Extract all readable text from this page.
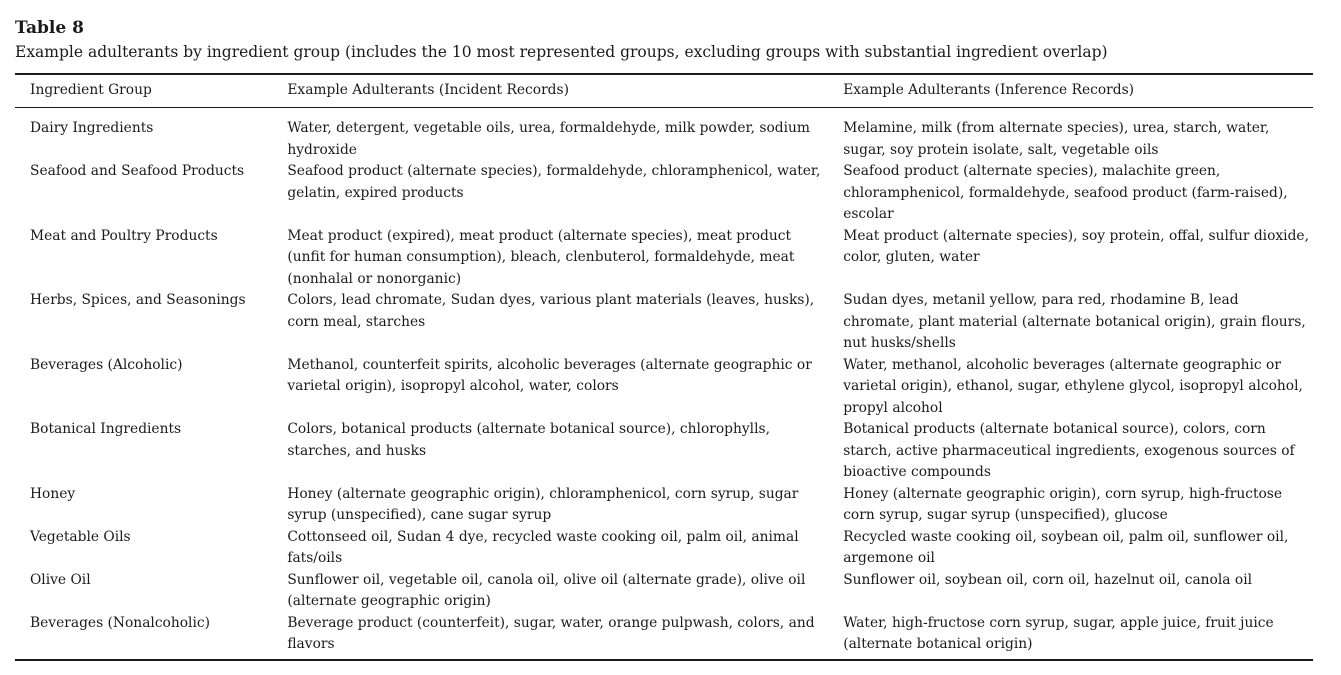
Table 8
Example adulterants by ingredient group (includes the 10 most represented groups, excluding groups with substantial ingredient overlap)
Ingredient Group	Example Adulterants (Incident Records)	Example Adulterants (Inference Records)
Dairy Ingredients	Water, detergent, vegetable oils, urea, formaldehyde, milk powder, sodium hydroxide	Melamine, milk (from alternate species), urea, starch, water, sugar, soy protein isolate, salt, vegetable oils
Seafood and Seafood Products	Seafood product (alternate species), formaldehyde, chloramphenicol, water, gelatin, expired products	Seafood product (alternate species), malachite green, chloramphenicol, formaldehyde, seafood product (farm-raised), escolar
Meat and Poultry Products	Meat product (expired), meat product (alternate species), meat product (unfit for human consumption), bleach, clenbuterol, formaldehyde, meat (nonhalal or nonorganic)	Meat product (alternate species), soy protein, offal, sulfur dioxide, color, gluten, water
Herbs, Spices, and Seasonings	Colors, lead chromate, Sudan dyes, various plant materials (leaves, husks), corn meal, starches	Sudan dyes, metanil yellow, para red, rhodamine B, lead chromate, plant material (alternate botanical origin), grain flours, nut husks/shells
Beverages (Alcoholic)	Methanol, counterfeit spirits, alcoholic beverages (alternate geographic or varietal origin), isopropyl alcohol, water, colors	Water, methanol, alcoholic beverages (alternate geographic or varietal origin), ethanol, sugar, ethylene glycol, isopropyl alcohol, propyl alcohol
Botanical Ingredients	Colors, botanical products (alternate botanical source), chlorophylls, starches, and husks	Botanical products (alternate botanical source), colors, corn starch, active pharmaceutical ingredients, exogenous sources of bioactive compounds
Honey	Honey (alternate geographic origin), chloramphenicol, corn syrup, sugar syrup (unspecified), cane sugar syrup	Honey (alternate geographic origin), corn syrup, high-fructose corn syrup, sugar syrup (unspecified), glucose
Vegetable Oils	Cottonseed oil, Sudan 4 dye, recycled waste cooking oil, palm oil, animal fats/oils	Recycled waste cooking oil, soybean oil, palm oil, sunflower oil, argemone oil
Olive Oil	Sunflower oil, vegetable oil, canola oil, olive oil (alternate grade), olive oil (alternate geographic origin)	Sunflower oil, soybean oil, corn oil, hazelnut oil, canola oil
Beverages (Nonalcoholic)	Beverage product (counterfeit), sugar, water, orange pulpwash, colors, and flavors	Water, high-fructose corn syrup, sugar, apple juice, fruit juice (alternate botanical origin)
